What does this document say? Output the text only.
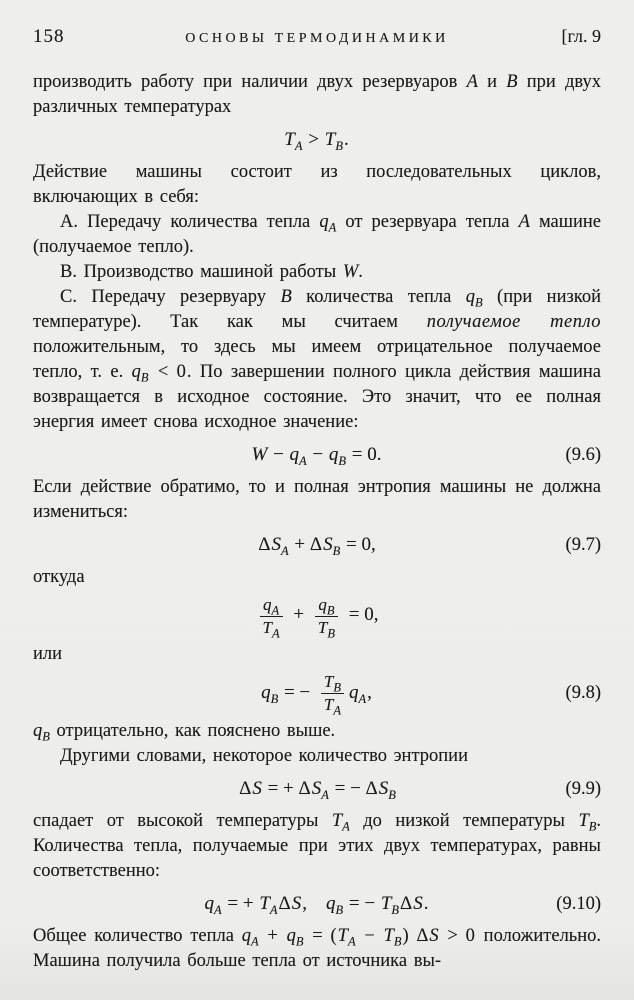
158	ОСНОВЫ ТЕРМОДИНАМИКИ	[гл. 9

производить работу при наличии двух резервуаров A и B при двух различных температурах

$T_A > T_B$.

Действие машины состоит из последовательных циклов, включающих в себя:

А. Передачу количества тепла $q_A$ от резервуара тепла A машине (получаемое тепло).

В. Производство машиной работы W.

С. Передачу резервуару B количества тепла $q_B$ (при низкой температуре). Так как мы считаем получаемое тепло положительным, то здесь мы имеем отрицательное получаемое тепло, т. е. $q_B < 0$. По завершении полного цикла действия машина возвращается в исходное состояние. Это значит, что ее полная энергия имеет снова исходное значение:

$W - q_A - q_B = 0$.	(9.6)

Если действие обратимо, то и полная энтропия машины не должна измениться:

$\Delta S_A + \Delta S_B = 0$,	(9.7)

откуда

$\frac{q_A}{T_A} + \frac{q_B}{T_B} = 0$,

или

$q_B$ = − $\frac{T_B}{T_A} q_A$,	(9.8)

$q_B$ отрицательно, как пояснено выше.

Другими словами, некоторое количество энтропии

ΔS = + $\Delta S_A$ = − $\Delta S_B$	(9.9)

спадает от высокой температуры $T_A$ до низкой температуры $T_B$. Количества тепла, получаемые при этих двух температурах, равны соответственно:

$q_A$ = + $T_A\Delta S$, $q_B$ = − $T_B\Delta S$.	(9.10)

Общее количество тепла $q_A + q_B = (T_A - T_B) \Delta S > 0$ положительно. Машина получила больше тепла от источника вы-
